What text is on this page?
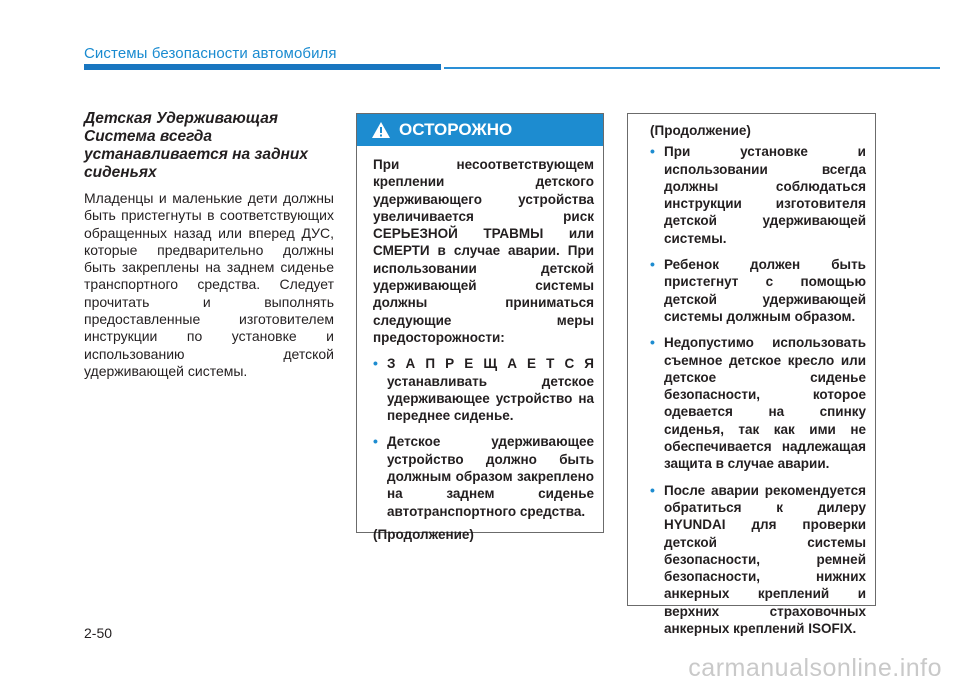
Системы безопасности автомобиля

Детская Удерживающая Система всегда устанавливается на задних сиденьях

Младенцы и маленькие дети должны быть пристегнуты в соответствующих обращенных назад или вперед ДУС, которые предварительно должны быть закреплены на заднем сиденье транспортного средства. Следует прочитать и выполнять предоставленные изготовителем инструкции по установке и использованию детской удерживающей системы.

ОСТОРОЖНО

При несоответствующем креплении детского удерживающего устройства увеличивается риск СЕРЬЕЗНОЙ ТРАВМЫ или СМЕРТИ в случае аварии. При использовании детской удерживающей системы должны приниматься следующие меры предосторожности:

• З А П Р Е Щ А Е Т С Я устанавливать детское удерживающее устройство на переднее сиденье.

• Детское удерживающее устройство должно быть должным образом закреплено на заднем сиденье автотранспортного средства.

(Продолжение)

(Продолжение)

• При установке и использовании всегда должны соблюдаться инструкции изготовителя детской удерживающей системы.

• Ребенок должен быть пристегнут с помощью детской удерживающей системы должным образом.

• Недопустимо использовать съемное детское кресло или детское сиденье безопасности, которое одевается на спинку сиденья, так как ими не обеспечивается надлежащая защита в случае аварии.

• После аварии рекомендуется обратиться к дилеру HYUNDAI для проверки детской системы безопасности, ремней безопасности, нижних анкерных креплений и верхних страховочных анкерных креплений ISOFIX.

2-50
carmanualsonline.info
